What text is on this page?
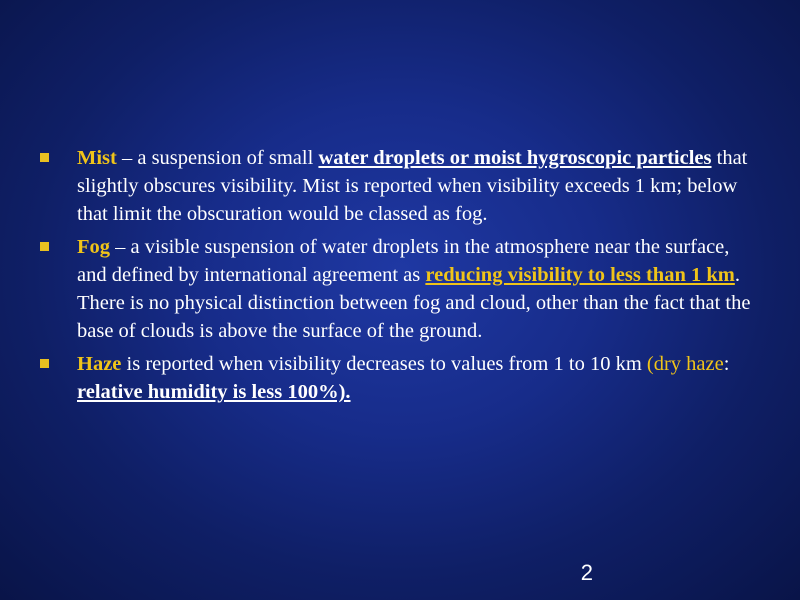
Mist – a suspension of small water droplets or moist hygroscopic particles that slightly obscures visibility. Mist is reported when visibility exceeds 1 km; below that limit the obscuration would be classed as fog.
Fog – a visible suspension of water droplets in the atmosphere near the surface, and defined by international agreement as reducing visibility to less than 1 km. There is no physical distinction between fog and cloud, other than the fact that the base of clouds is above the surface of the ground.
Haze is reported when visibility decreases to values from 1 to 10 km (dry haze: relative humidity is less 100%).
2
